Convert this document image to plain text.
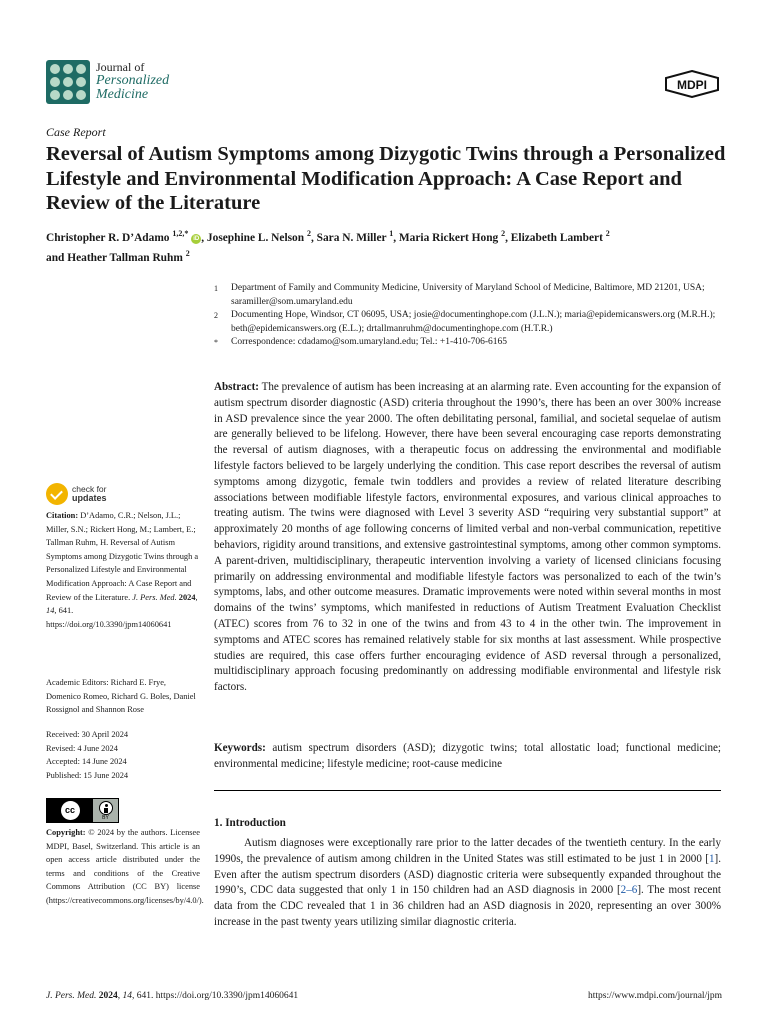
Journal of
Personalized
Medicine
MDPI
Case Report
Reversal of Autism Symptoms among Dizygotic Twins through a Personalized Lifestyle and Environmental Modification Approach: A Case Report and Review of the Literature
Christopher R. D’Adamo $^{1,2,*}$ iD , Josephine L. Nelson $^2$, Sara N. Miller $^1$, Maria Rickert Hong $^2$, Elizabeth Lambert $^2$
and Heather Tallman Ruhm $^2$
1	Department of Family and Community Medicine, University of Maryland School of Medicine, Baltimore, MD 21201, USA; saramiller@som.umaryland.edu
2	Documenting Hope, Windsor, CT 06095, USA; josie@documentinghope.com (J.L.N.); maria@epidemicanswers.org (M.R.H.); beth@epidemicanswers.org (E.L.); drtallmanruhm@documentinghope.com (H.T.R.)
*	Correspondence: cdadamo@som.umaryland.edu; Tel.: +1-410-706-6165
Abstract: The prevalence of autism has been increasing at an alarming rate. Even accounting for the expansion of autism spectrum disorder diagnostic (ASD) criteria throughout the 1990’s, there has been an over 300% increase in ASD prevalence since the year 2000. The often debilitating personal, familial, and societal sequelae of autism are generally believed to be lifelong. However, there have been several encouraging case reports demonstrating the reversal of autism diagnoses, with a therapeutic focus on addressing the environmental and modifiable lifestyle factors believed to be largely underlying the condition. This case report describes the reversal of autism symptoms among dizygotic, female twin toddlers and provides a review of related literature describing associations between modifiable lifestyle factors, environmental exposures, and various clinical approaches to treating autism. The twins were diagnosed with Level 3 severity ASD “requiring very substantial support” at approximately 20 months of age following concerns of limited verbal and non-verbal communication, repetitive behaviors, rigidity around transitions, and extensive gastrointestinal symptoms, among other common symptoms. A parent-driven, multidisciplinary, therapeutic intervention involving a variety of licensed clinicians focusing primarily on addressing environmental and modifiable lifestyle factors was personalized to each of the twin’s symptoms, labs, and other outcome measures. Dramatic improvements were noted within several months in most domains of the twins’ symptoms, which manifested in reductions of Autism Treatment Evaluation Checklist (ATEC) scores from 76 to 32 in one of the twins and from 43 to 4 in the other twin. The improvement in symptoms and ATEC scores has remained relatively stable for six months at last assessment. While prospective studies are required, this case offers further encouraging evidence of ASD reversal through a personalized, multidisciplinary approach focusing predominantly on addressing modifiable environmental and lifestyle risk factors.
Keywords: autism spectrum disorders (ASD); dizygotic twins; total allostatic load; functional medicine; environmental medicine; lifestyle medicine; root-cause medicine
1. Introduction

Autism diagnoses were exceptionally rare prior to the latter decades of the twentieth century. In the early 1990s, the prevalence of autism among children in the United States was still estimated to be just 1 in 2000 [1]. Even after the autism spectrum disorders (ASD) diagnostic criteria were subsequently expanded throughout the 1990’s, CDC data suggested that only 1 in 150 children had an ASD diagnosis in 2000 [2–6]. The most recent data from the CDC revealed that 1 in 36 children had an ASD diagnosis in 2020, representing an over 300% increase in the past twenty years utilizing similar diagnostic criteria.

check for
updates
Citation: D’Adamo, C.R.; Nelson, J.L.; Miller, S.N.; Rickert Hong, M.; Lambert, E.; Tallman Ruhm, H. Reversal of Autism Symptoms among Dizygotic Twins through a Personalized Lifestyle and Environmental Modification Approach: A Case Report and Review of the Literature. J. Pers. Med. 2024, 14, 641. https://doi.org/10.3390/jpm14060641
Academic Editors: Richard E. Frye, Domenico Romeo, Richard G. Boles, Daniel Rossignol and Shannon Rose
Received: 30 April 2024
Revised: 4 June 2024
Accepted: 14 June 2024
Published: 15 June 2024
cc
BY
Copyright: © 2024 by the authors. Licensee MDPI, Basel, Switzerland. This article is an open access article distributed under the terms and conditions of the Creative Commons Attribution (CC BY) license (https://creativecommons.org/licenses/by/4.0/).
J. Pers. Med. 2024, 14, 641. https://doi.org/10.3390/jpm14060641	https://www.mdpi.com/journal/jpm
